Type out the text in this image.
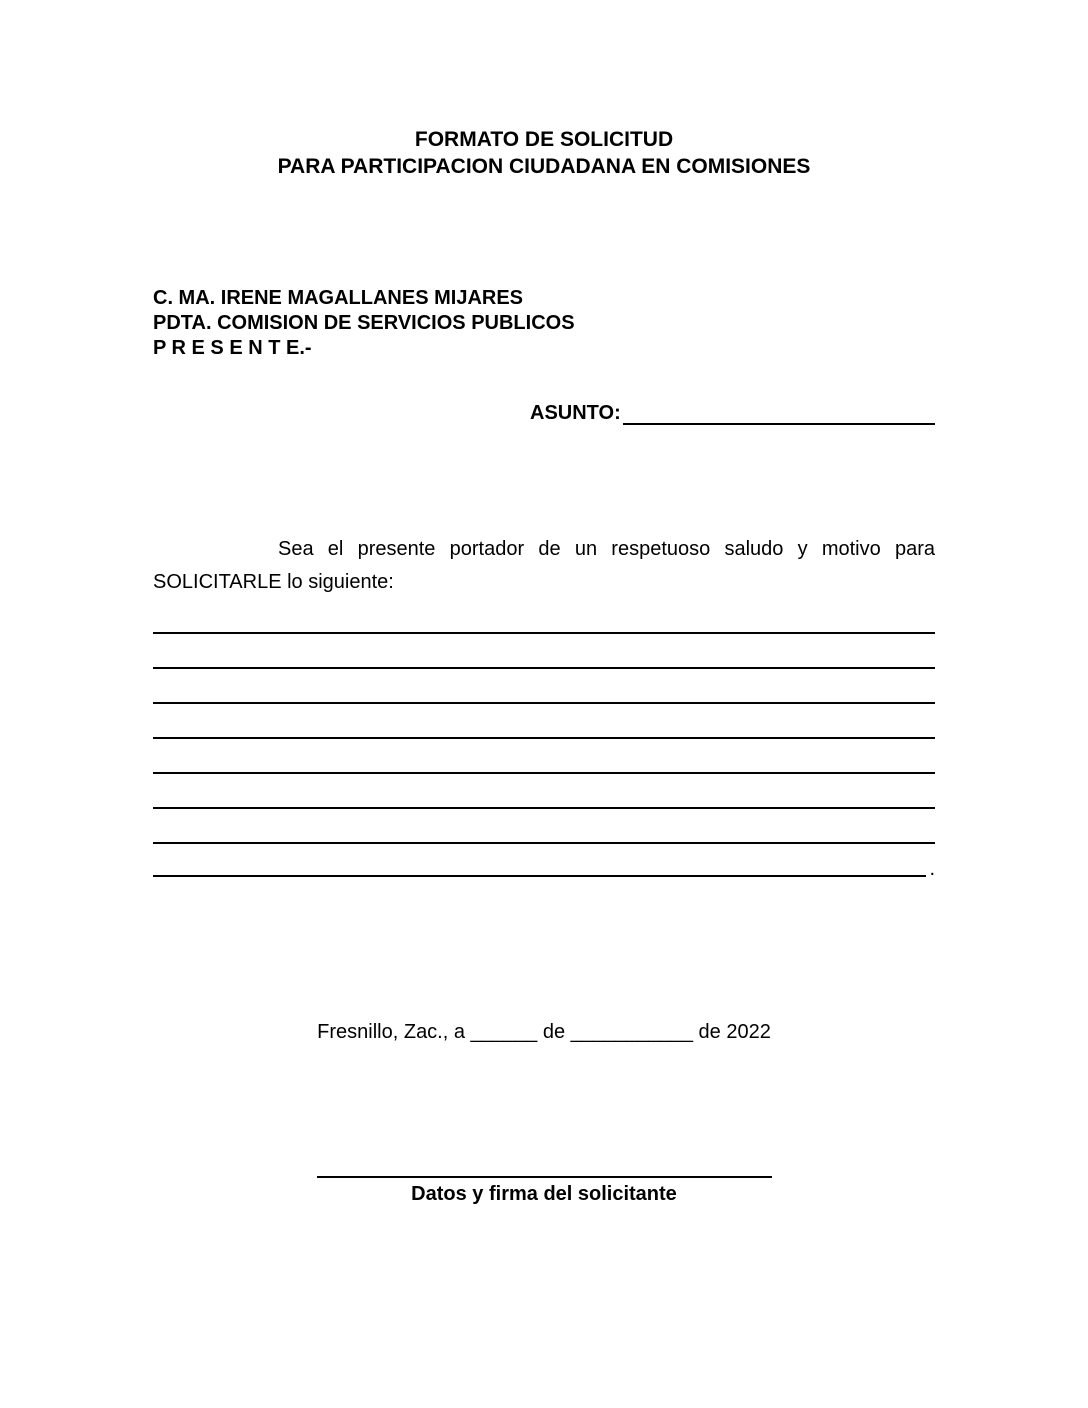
FORMATO DE SOLICITUD
PARA PARTICIPACION CIUDADANA EN COMISIONES
C. MA. IRENE MAGALLANES MIJARES
PDTA. COMISION DE SERVICIOS PUBLICOS
P R E S E N T E.-
ASUNTO:
Sea el presente portador de un respetuoso saludo y motivo para
SOLICITARLE lo siguiente:
.
Fresnillo, Zac., a ______ de ___________ de 2022
Datos y firma del solicitante
